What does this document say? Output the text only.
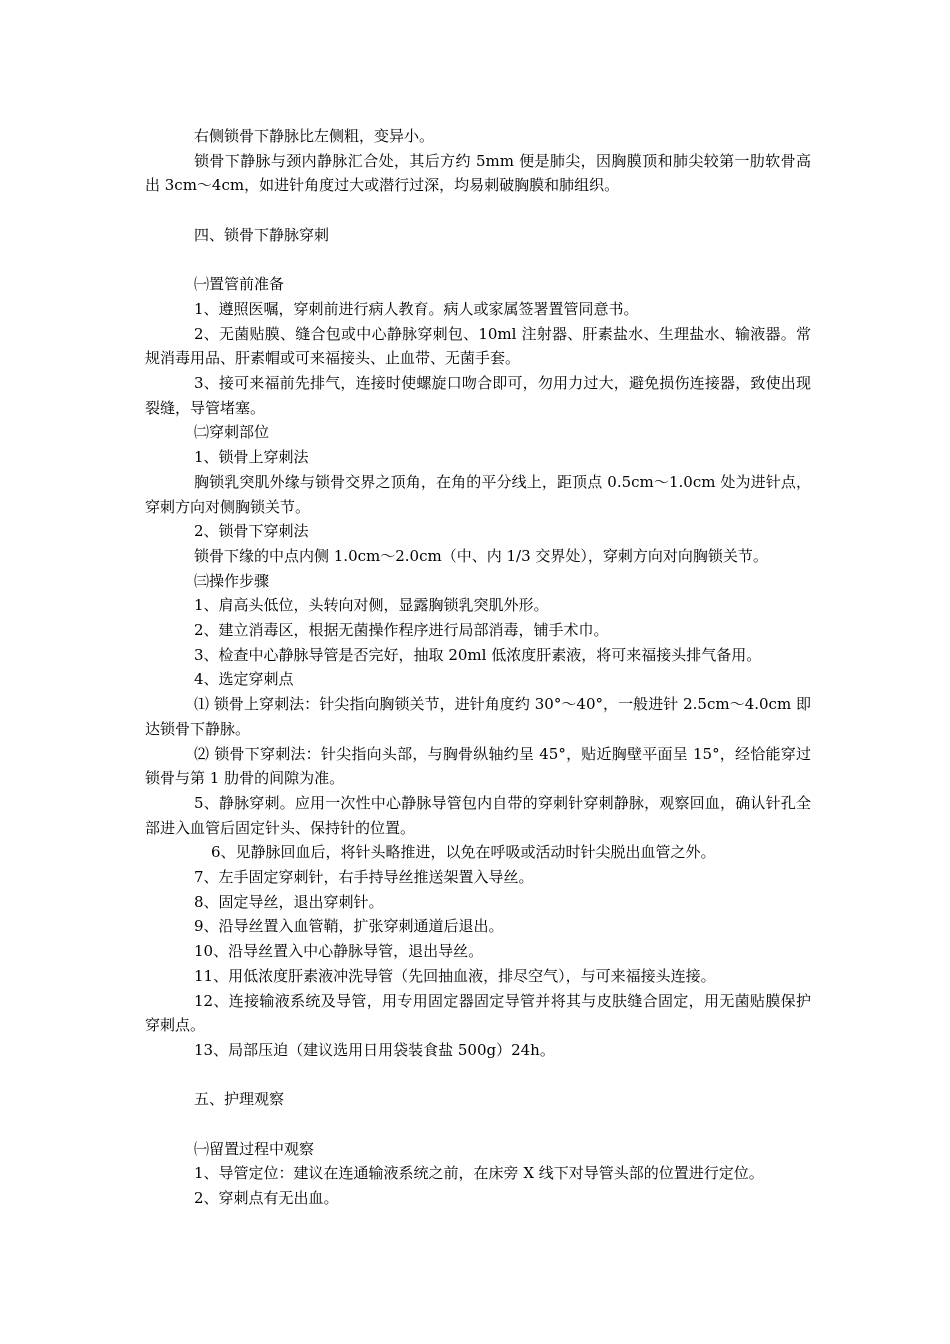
右侧锁骨下静脉比左侧粗，变异小。

锁骨下静脉与颈内静脉汇合处，其后方约 5mm 便是肺尖，因胸膜顶和肺尖较第一肋软骨高出 3cm～4cm，如进针角度过大或潜行过深，均易刺破胸膜和肺组织。

四、锁骨下静脉穿刺

㈠置管前准备

1、遵照医嘱，穿刺前进行病人教育。病人或家属签署置管同意书。

2、无菌贴膜、缝合包或中心静脉穿刺包、10ml 注射器、肝素盐水、生理盐水、输液器。常规消毒用品、肝素帽或可来福接头、止血带、无菌手套。

3、接可来福前先排气，连接时使螺旋口吻合即可，勿用力过大，避免损伤连接器，致使出现裂缝，导管堵塞。

㈡穿刺部位

1、锁骨上穿刺法

胸锁乳突肌外缘与锁骨交界之顶角，在角的平分线上，距顶点 0.5cm～1.0cm 处为进针点，穿刺方向对侧胸锁关节。

2、锁骨下穿刺法

锁骨下缘的中点内侧 1.0cm～2.0cm（中、内 1/3 交界处），穿刺方向对向胸锁关节。

㈢操作步骤

1、肩高头低位，头转向对侧，显露胸锁乳突肌外形。

2、建立消毒区，根据无菌操作程序进行局部消毒，铺手术巾。

3、检查中心静脉导管是否完好，抽取 20ml 低浓度肝素液，将可来福接头排气备用。

4、选定穿刺点

⑴ 锁骨上穿刺法：针尖指向胸锁关节，进针角度约 30°～40°，一般进针 2.5cm～4.0cm 即达锁骨下静脉。

⑵ 锁骨下穿刺法：针尖指向头部，与胸骨纵轴约呈 45°，贴近胸壁平面呈 15°，经恰能穿过锁骨与第 1 肋骨的间隙为准。

5、静脉穿刺。应用一次性中心静脉导管包内自带的穿刺针穿刺静脉，观察回血，确认针孔全部进入血管后固定针头、保持针的位置。

6、见静脉回血后，将针头略推进，以免在呼吸或活动时针尖脱出血管之外。

7、左手固定穿刺针，右手持导丝推送架置入导丝。

8、固定导丝，退出穿刺针。

9、沿导丝置入血管鞘，扩张穿刺通道后退出。

10、沿导丝置入中心静脉导管，退出导丝。

11、用低浓度肝素液冲洗导管（先回抽血液，排尽空气），与可来福接头连接。

12、连接输液系统及导管，用专用固定器固定导管并将其与皮肤缝合固定，用无菌贴膜保护穿刺点。

13、局部压迫（建议选用日用袋装食盐 500g）24h。

五、护理观察

㈠留置过程中观察

1、导管定位：建议在连通输液系统之前，在床旁 X 线下对导管头部的位置进行定位。

2、穿刺点有无出血。
